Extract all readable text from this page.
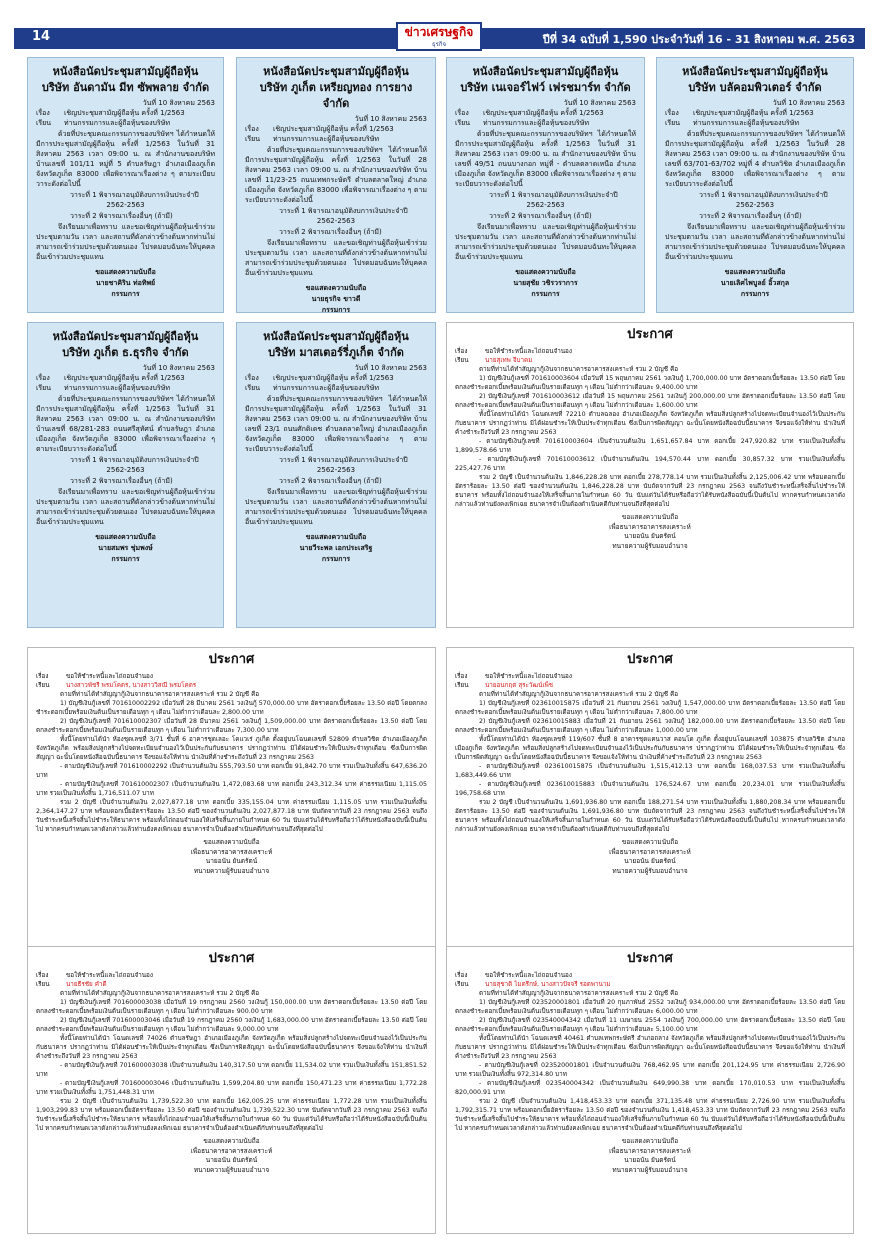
14	ปีที่ 34 ฉบับที่ 1,590 ประจำวันที่ 16 - 31 สิงหาคม พ.ศ. 2563
ข่าวเศรษฐกิจ
ธุรกิจ
หนังสือนัดประชุมสามัญผู้ถือหุ้น
บริษัท อันดามัน มีท ซัพพลาย จำกัด
วันที่ 10 สิงหาคม 2563
เรื่อง	เชิญประชุมสามัญผู้ถือหุ้น ครั้งที่ 1/2563
เรียน	ท่านกรรมการและผู้ถือหุ้นของบริษัท
ด้วยที่ประชุมคณะกรรมการของบริษัทฯ ได้กำหนดให้มีการประชุมสามัญผู้ถือหุ้น ครั้งที่ 1/2563 ในวันที่ 31 สิงหาคม 2563 เวลา 09:00 น. ณ สำนักงานของบริษัท บ้านเลขที่ 101/11 หมู่ที่ 5 ตำบลรัษฎา อำเภอเมืองภูเก็ต จังหวัดภูเก็ต 83000 เพื่อพิจารณาเรื่องต่าง ๆ ตามระเบียบ วาระดังต่อไปนี้
วาระที่ 1 พิจารณาอนุมัติงบการเงินประจำปี
2562-2563
วาระที่ 2 พิจารณาเรื่องอื่นๆ (ถ้ามี)
จึงเรียนมาเพื่อทราบ และขอเชิญท่านผู้ถือหุ้นเข้าร่วมประชุมตามวัน เวลา และสถานที่ดังกล่าวข้างต้นหากท่านไม่สามารถเข้าร่วมประชุมด้วยตนเอง โปรดมอบฉันทะให้บุคคลอื่นเข้าร่วมประชุมแทน
ขอแสดงความนับถือ
นายชาคิริน ท่อทิพย์
กรรมการ
หนังสือนัดประชุมสามัญผู้ถือหุ้น
บริษัท ภูเก็ต เหรียญทอง การยาง จำกัด
วันที่ 10 สิงหาคม 2563
เรื่อง	เชิญประชุมสามัญผู้ถือหุ้น ครั้งที่ 1/2563
เรียน	ท่านกรรมการและผู้ถือหุ้นของบริษัท
ด้วยที่ประชุมคณะกรรมการของบริษัทฯ ได้กำหนดให้มีการประชุมสามัญผู้ถือหุ้น ครั้งที่ 1/2563 ในวันที่ 28 สิงหาคม 2563 เวลา 09:00 น. ณ สำนักงานของบริษัท บ้านเลขที่ 11/23-25 ถนนเทพกระษัตรี ตำบลตลาดใหญ่ อำเภอเมืองภูเก็ต จังหวัดภูเก็ต 83000 เพื่อพิจารณาเรื่องต่าง ๆ ตามระเบียบวาระดังต่อไปนี้
วาระที่ 1 พิจารณาอนุมัติงบการเงินประจำปี
2562-2563
วาระที่ 2 พิจารณาเรื่องอื่นๆ (ถ้ามี)
จึงเรียนมาเพื่อทราบ และขอเชิญท่านผู้ถือหุ้นเข้าร่วมประชุมตามวัน เวลา และสถานที่ดังกล่าวข้างต้นหากท่านไม่สามารถเข้าร่วมประชุมด้วยตนเอง โปรดมอบฉันทะให้บุคคลอื่นเข้าร่วมประชุมแทน
ขอแสดงความนับถือ
นายธุรกิจ ขาวดี
กรรมการ
หนังสือนัดประชุมสามัญผู้ถือหุ้น
บริษัท เนเจอร์ไฟว์ เฟรชมาร์ท จำกัด
วันที่ 10 สิงหาคม 2563
เรื่อง	เชิญประชุมสามัญผู้ถือหุ้น ครั้งที่ 1/2563
เรียน	ท่านกรรมการและผู้ถือหุ้นของบริษัท
ด้วยที่ประชุมคณะกรรมการของบริษัทฯ ได้กำหนดให้มีการประชุมสามัญผู้ถือหุ้น ครั้งที่ 1/2563 ในวันที่ 31 สิงหาคม 2563 เวลา 09:00 น. ณ สำนักงานของบริษัท บ้านเลขที่ 49/51 ถนนบางกอก หมู่ที่ - ตำบลตลาดเหนือ อำเภอเมืองภูเก็ต จังหวัดภูเก็ต 83000 เพื่อพิจารณาเรื่องต่าง ๆ ตามระเบียบวาระดังต่อไปนี้
วาระที่ 1 พิจารณาอนุมัติงบการเงินประจำปี
2562-2563
วาระที่ 2 พิจารณาเรื่องอื่นๆ (ถ้ามี)
จึงเรียนมาเพื่อทราบ และขอเชิญท่านผู้ถือหุ้นเข้าร่วมประชุมตามวัน เวลา และสถานที่ดังกล่าวข้างต้นหากท่านไม่สามารถเข้าร่วมประชุมด้วยตนเอง โปรดมอบฉันทะให้บุคคลอื่นเข้าร่วมประชุมแทน
ขอแสดงความนับถือ
นายสุชัย วชิรวราการ
กรรมการ
หนังสือนัดประชุมสามัญผู้ถือหุ้น
บริษัท บลัคอมพิวเตอร์ จำกัด
วันที่ 10 สิงหาคม 2563
เรื่อง	เชิญประชุมสามัญผู้ถือหุ้น ครั้งที่ 1/2563
เรียน	ท่านกรรมการและผู้ถือหุ้นของบริษัท
ด้วยที่ประชุมคณะกรรมการของบริษัทฯ ได้กำหนดให้มีการประชุมสามัญผู้ถือหุ้น ครั้งที่ 1/2563 ในวันที่ 28 สิงหาคม 2563 เวลา 09:00 น. ณ สำนักงานของบริษัท บ้านเลขที่ 63/701-63/702 หมู่ที่ 4 ตำบลวิชิต อำเภอเมืองภูเก็ต จังหวัดภูเก็ต 83000 เพื่อพิจารณาเรื่องต่าง ๆ ตามระเบียบวาระดังต่อไปนี้
วาระที่ 1 พิจารณาอนุมัติงบการเงินประจำปี
2562-2563
วาระที่ 2 พิจารณาเรื่องอื่นๆ (ถ้ามี)
จึงเรียนมาเพื่อทราบ และขอเชิญท่านผู้ถือหุ้นเข้าร่วมประชุมตามวัน เวลา และสถานที่ดังกล่าวข้างต้นหากท่านไม่สามารถเข้าร่วมประชุมด้วยตนเอง โปรดมอบฉันทะให้บุคคลอื่นเข้าร่วมประชุมแทน
ขอแสดงความนับถือ
นายเลิศไพบูลย์ อิ้วสกุล
กรรมการ
หนังสือนัดประชุมสามัญผู้ถือหุ้น
บริษัท ภูเก็ต ธ.ธุรกิจ จำกัด
วันที่ 10 สิงหาคม 2563
เรื่อง	เชิญประชุมสามัญผู้ถือหุ้น ครั้งที่ 1/2563
เรียน	ท่านกรรมการและผู้ถือหุ้นของบริษัท
ด้วยที่ประชุมคณะกรรมการของบริษัทฯ ได้กำหนดให้มีการประชุมสามัญผู้ถือหุ้น ครั้งที่ 1/2563 ในวันที่ 31 สิงหาคม 2563 เวลา 09:00 น. ณ สำนักงานของบริษัท บ้านเลขที่ 68/281-283 ถนนศรีสุทัศน์ ตำบลรัษฎา อำเภอเมืองภูเก็ต จังหวัดภูเก็ต 83000 เพื่อพิจารณาเรื่องต่าง ๆ ตามระเบียบวาระดังต่อไปนี้
วาระที่ 1 พิจารณาอนุมัติงบการเงินประจำปี
2562-2563
วาระที่ 2 พิจารณาเรื่องอื่นๆ (ถ้ามี)
จึงเรียนมาเพื่อทราบ และขอเชิญท่านผู้ถือหุ้นเข้าร่วมประชุมตามวัน เวลา และสถานที่ดังกล่าวข้างต้นหากท่านไม่สามารถเข้าร่วมประชุมด้วยตนเอง โปรดมอบฉันทะให้บุคคลอื่นเข้าร่วมประชุมแทน
ขอแสดงความนับถือ
นายสมพร ชุ่มพงษ์
กรรมการ
หนังสือนัดประชุมสามัญผู้ถือหุ้น
บริษัท มาสเตอร์รี่ภูเก็ต จำกัด
วันที่ 10 สิงหาคม 2563
เรื่อง	เชิญประชุมสามัญผู้ถือหุ้น ครั้งที่ 1/2563
เรียน	ท่านกรรมการและผู้ถือหุ้นของบริษัท
ด้วยที่ประชุมคณะกรรมการของบริษัทฯ ได้กำหนดให้มีการประชุมสามัญผู้ถือหุ้น ครั้งที่ 1/2563 ในวันที่ 31 สิงหาคม 2563 เวลา 09:00 น. ณ สำนักงานของบริษัท บ้านเลขที่ 23/1 ถนนศักดิเดช ตำบลตลาดใหญ่ อำเภอเมืองภูเก็ต จังหวัดภูเก็ต 83000 เพื่อพิจารณาเรื่องต่าง ๆ ตามระเบียบวาระดังต่อไปนี้
วาระที่ 1 พิจารณาอนุมัติงบการเงินประจำปี
2562-2563
วาระที่ 2 พิจารณาเรื่องอื่นๆ (ถ้ามี)
จึงเรียนมาเพื่อทราบ และขอเชิญท่านผู้ถือหุ้นเข้าร่วมประชุมตามวัน เวลา และสถานที่ดังกล่าวข้างต้นหากท่านไม่สามารถเข้าร่วมประชุมด้วยตนเอง โปรดมอบฉันทะให้บุคคลอื่นเข้าร่วมประชุมแทน
ขอแสดงความนับถือ
นายวีระพล เอกประเสริฐ
กรรมการ
ประกาศ
เรื่อง	ขอให้ชำระหนี้และไถ่ถอนจำนอง
เรียน	นายสุเทพ จีบาคม
ตามที่ท่านได้ทำสัญญากู้เงินจากธนาคารอาคารสงเคราะห์ รวม 2 บัญชี คือ
1) บัญชีเงินกู้เลขที่ 701610003604 เมื่อวันที่ 15 พฤษภาคม 2561 วงเงินกู้ 1,700,000.00 บาท อัตราดอกเบี้ยร้อยละ 13.50 ต่อปี โดยตกลงชำระดอกเบี้ยพร้อมเงินต้นเป็นรายเดือนทุก ๆ เดือน ไม่ต่ำกว่าเดือนละ 9,400.00 บาท
2) บัญชีเงินกู้เลขที่ 701610003612 เมื่อวันที่ 15 พฤษภาคม 2561 วงเงินกู้ 200,000.00 บาท อัตราดอกเบี้ยร้อยละ 13.50 ต่อปี โดยตกลงชำระดอกเบี้ยพร้อมเงินต้นเป็นรายเดือนทุก ๆ เดือน ไม่ต่ำกว่าเดือนละ 1,600.00 บาท
ทั้งนี้โดยท่านได้นำ โฉนดเลขที่ 72210 ตำบลฉลอง อำเภอเมืองภูเก็ต จังหวัดภูเก็ต พร้อมสิ่งปลูกสร้างไปจดทะเบียนจำนองไว้เป็นประกันกับธนาคาร ปรากฏว่าท่าน มิได้ผ่อนชำระให้เป็นประจำทุกเดือน ซึ่งเป็นการผิดสัญญา ฉะนั้นโดยหนังสือฉบับนี้ธนาคาร จึงขอแจ้งให้ท่าน นำเงินที่ค้างชำระถึงวันที่ 23 กรกฎาคม 2563
- ตามบัญชีเงินกู้เลขที่ 701610003604 เป็นจำนวนต้นเงิน 1,651,657.84 บาท ดอกเบี้ย 247,920.82 บาท รวมเป็นเงินทั้งสิ้น 1,899,578.66 บาท
- ตามบัญชีเงินกู้เลขที่ 701610003612 เป็นจำนวนต้นเงิน 194,570.44 บาท ดอกเบี้ย 30,857.32 บาท รวมเป็นเงินทั้งสิ้น 225,427.76 บาท
รวม 2 บัญชี เป็นจำนวนต้นเงิน 1,846,228.28 บาท ดอกเบี้ย 278,778.14 บาท รวมเป็นเงินทั้งสิ้น 2,125,006.42 บาท พร้อมดอกเบี้ยอัตราร้อยละ 13.50 ต่อปี ของจำนวนต้นเงิน 1,846,228.28 บาท นับถัดจากวันที่ 23 กรกฎาคม 2563 จนถึงวันชำระหนี้เสร็จสิ้นไปชำระให้ธนาคาร พร้อมทั้งไถ่ถอนจำนองให้เสร็จสิ้นภายในกำหนด 60 วัน นับแต่วันได้รับหรือถือว่าได้รับหนังสือฉบับนี้เป็นต้นไป หากครบกำหนดเวลาดังกล่าวแล้วท่านยังคงเพิกเฉย ธนาคารจำเป็นต้องดำเนินคดีกับท่านจนถึงที่สุดต่อไป
ขอแสดงความนับถือ
เพื่อธนาคารอาคารสงเคราะห์
นายอนัน ยันตรัตน์
ทนายความผู้รับมอบอำนาจ
ประกาศ
เรื่อง	ขอให้ชำระหนี้และไถ่ถอนจำนอง
เรียน	นางสาวพัชรี พรมโคตร, นางสาววิสณี พรมโคตร
ตามที่ท่านได้ทำสัญญากู้เงินจากธนาคารอาคารสงเคราะห์ รวม 2 บัญชี คือ
1) บัญชีเงินกู้เลขที่ 701610002292 เมื่อวันที่ 28 มีนาคม 2561 วงเงินกู้ 570,000.00 บาท อัตราดอกเบี้ยร้อยละ 13.50 ต่อปี โดยตกลงชำระดอกเบี้ยพร้อมเงินต้นเป็นรายเดือนทุก ๆ เดือน ไม่ต่ำกว่าเดือนละ 2,800.00 บาท
2) บัญชีเงินกู้เลขที่ 701610002307 เมื่อวันที่ 28 มีนาคม 2561 วงเงินกู้ 1,509,000.00 บาท อัตราดอกเบี้ยร้อยละ 13.50 ต่อปี โดยตกลงชำระดอกเบี้ยพร้อมเงินต้นเป็นรายเดือนทุก ๆ เดือน ไม่ต่ำกว่าเดือนละ 7,300.00 บาท
ทั้งนี้โดยท่านได้นำ ห้องชุดเลขที่ 3/71 ชั้นที่ 6 อาคารชุดเลอะ โคแวเร่ ภูเก็ต ตั้งอยู่บนโฉนดเลขที่ 52809 ตำบลวิชิต อำเภอเมืองภูเก็ต จังหวัดภูเก็ต พร้อมสิ่งปลูกสร้างไปจดทะเบียนจำนองไว้เป็นประกันกับธนาคาร ปรากฏว่าท่าน มิได้ผ่อนชำระให้เป็นประจำทุกเดือน ซึ่งเป็นการผิดสัญญา ฉะนั้นโดยหนังสือฉบับนี้ธนาคาร จึงขอแจ้งให้ท่าน นำเงินที่ค้างชำระถึงวันที่ 23 กรกฎาคม 2563
- ตามบัญชีเงินกู้เลขที่ 701610002292 เป็นจำนวนต้นเงิน 555,793.50 บาท ดอกเบี้ย 91,842.70 บาท รวมเป็นเงินทั้งสิ้น 647,636.20 บาท
- ตามบัญชีเงินกู้เลขที่ 701610002307 เป็นจำนวนต้นเงิน 1,472,083.68 บาท ดอกเบี้ย 243,312.34 บาท ค่าธรรมเนียม 1,115.05 บาท รวมเป็นเงินทั้งสิ้น 1,716,511.07 บาท
รวม 2 บัญชี เป็นจำนวนต้นเงิน 2,027,877.18 บาท ดอกเบี้ย 335,155.04 บาท ค่าธรรมเนียม 1,115.05 บาท รวมเป็นเงินทั้งสิ้น 2,364,147.27 บาท พร้อมดอกเบี้ยอัตราร้อยละ 13.50 ต่อปี ของจำนวนต้นเงิน 2,027,877.18 บาท นับถัดจากวันที่ 23 กรกฎาคม 2563 จนถึงวันชำระหนี้เสร็จสิ้นไปชำระให้ธนาคาร พร้อมทั้งไถ่ถอนจำนองให้เสร็จสิ้นภายในกำหนด 60 วัน นับแต่วันได้รับหรือถือว่าได้รับหนังสือฉบับนี้เป็นต้นไป หากครบกำหนดเวลาดังกล่าวแล้วท่านยังคงเพิกเฉย ธนาคารจำเป็นต้องดำเนินคดีกับท่านจนถึงที่สุดต่อไป
ขอแสดงความนับถือ
เพื่อธนาคารอาคารสงเคราะห์
นายอนัน ยันตรัตน์
ทนายความผู้รับมอบอำนาจ
ประกาศ
เรื่อง	ขอให้ชำระหนี้และไถ่ถอนจำนอง
เรียน	นายอนกฤต สุระวัฒน์เพ็ช
ตามที่ท่านได้ทำสัญญากู้เงินจากธนาคารอาคารสงเคราะห์ รวม 2 บัญชี คือ
1) บัญชีเงินกู้เลขที่ 023610015875 เมื่อวันที่ 21 กันยายน 2561 วงเงินกู้ 1,547,000.00 บาท อัตราดอกเบี้ยร้อยละ 13.50 ต่อปี โดยตกลงชำระดอกเบี้ยพร้อมเงินต้นเป็นรายเดือนทุก ๆ เดือน ไม่ต่ำกว่าเดือนละ 7,800.00 บาท
2) บัญชีเงินกู้เลขที่ 023610015883 เมื่อวันที่ 21 กันยายน 2561 วงเงินกู้ 182,000.00 บาท อัตราดอกเบี้ยร้อยละ 13.50 ต่อปี โดยตกลงชำระดอกเบี้ยพร้อมเงินต้นเป็นรายเดือนทุก ๆ เดือน ไม่ต่ำกว่าเดือนละ 1,000.00 บาท
ทั้งนี้โดยท่านได้นำ ห้องชุดเลขที่ 119/607 ชั้นที่ 8 อาคารชุดแคนวาส คอนโด ภูเก็ต ตั้งอยู่บนโฉนดเลขที่ 103875 ตำบลวิชิต อำเภอเมืองภูเก็ต จังหวัดภูเก็ต พร้อมสิ่งปลูกสร้างไปจดทะเบียนจำนองไว้เป็นประกันกับธนาคาร ปรากฏว่าท่าน มิได้ผ่อนชำระให้เป็นประจำทุกเดือน ซึ่งเป็นการผิดสัญญา ฉะนั้นโดยหนังสือฉบับนี้ธนาคาร จึงขอแจ้งให้ท่าน นำเงินที่ค้างชำระถึงวันที่ 23 กรกฎาคม 2563
- ตามบัญชีเงินกู้เลขที่ 023610015875 เป็นจำนวนต้นเงิน 1,515,412.13 บาท ดอกเบี้ย 168,037.53 บาท รวมเป็นเงินทั้งสิ้น 1,683,449.66 บาท
- ตามบัญชีเงินกู้เลขที่ 023610015883 เป็นจำนวนต้นเงิน 176,524.67 บาท ดอกเบี้ย 20,234.01 บาท รวมเป็นเงินทั้งสิ้น 196,758.68 บาท
รวม 2 บัญชี เป็นจำนวนต้นเงิน 1,691,936.80 บาท ดอกเบี้ย 188,271.54 บาท รวมเป็นเงินทั้งสิ้น 1,880,208.34 บาท พร้อมดอกเบี้ยอัตราร้อยละ 13.50 ต่อปี ของจำนวนต้นเงิน 1,691,936.80 บาท นับถัดจากวันที่ 23 กรกฎาคม 2563 จนถึงวันชำระหนี้เสร็จสิ้นไปชำระให้ธนาคาร พร้อมทั้งไถ่ถอนจำนองให้เสร็จสิ้นภายในกำหนด 60 วัน นับแต่วันได้รับหรือถือว่าได้รับหนังสือฉบับนี้เป็นต้นไป หากครบกำหนดเวลาดังกล่าวแล้วท่านยังคงเพิกเฉย ธนาคารจำเป็นต้องดำเนินคดีกับท่านจนถึงที่สุดต่อไป
ขอแสดงความนับถือ
เพื่อธนาคารอาคารสงเคราะห์
นายอนัน ยันตรัตน์
ทนายความผู้รับมอบอำนาจ
ประกาศ
เรื่อง	ขอให้ชำระหนี้และไถ่ถอนจำนอง
เรียน	นายธีรชัย คำดี
ตามที่ท่านได้ทำสัญญากู้เงินจากธนาคารอาคารสงเคราะห์ รวม 2 บัญชี คือ
1) บัญชีเงินกู้เลขที่ 701600003038 เมื่อวันที่ 19 กรกฎาคม 2560 วงเงินกู้ 150,000.00 บาท อัตราดอกเบี้ยร้อยละ 13.50 ต่อปี โดยตกลงชำระดอกเบี้ยพร้อมเงินต้นเป็นรายเดือนทุก ๆ เดือน ไม่ต่ำกว่าเดือนละ 900.00 บาท
2) บัญชีเงินกู้เลขที่ 701600003046 เมื่อวันที่ 19 กรกฎาคม 2560 วงเงินกู้ 1,683,000.00 บาท อัตราดอกเบี้ยร้อยละ 13.50 ต่อปี โดยตกลงชำระดอกเบี้ยพร้อมเงินต้นเป็นรายเดือนทุก ๆ เดือน ไม่ต่ำกว่าเดือนละ 9,000.00 บาท
ทั้งนี้โดยท่านได้นำ โฉนดเลขที่ 74026 ตำบลรัษฎา อำเภอเมืองภูเก็ต จังหวัดภูเก็ต พร้อมสิ่งปลูกสร้างไปจดทะเบียนจำนองไว้เป็นประกันกับธนาคาร ปรากฏว่าท่าน มิได้ผ่อนชำระให้เป็นประจำทุกเดือน ซึ่งเป็นการผิดสัญญา ฉะนั้นโดยหนังสือฉบับนี้ธนาคาร จึงขอแจ้งให้ท่าน นำเงินที่ค้างชำระถึงวันที่ 23 กรกฎาคม 2563
- ตามบัญชีเงินกู้เลขที่ 701600003038 เป็นจำนวนต้นเงิน 140,317.50 บาท ดอกเบี้ย 11,534.02 บาท รวมเป็นเงินทั้งสิ้น 151,851.52 บาท
- ตามบัญชีเงินกู้เลขที่ 701600003046 เป็นจำนวนต้นเงิน 1,599,204.80 บาท ดอกเบี้ย 150,471.23 บาท ค่าธรรมเนียม 1,772.28 บาท รวมเป็นเงินทั้งสิ้น 1,751,448.31 บาท
รวม 2 บัญชี เป็นจำนวนต้นเงิน 1,739,522.30 บาท ดอกเบี้ย 162,005.25 บาท ค่าธรรมเนียม 1,772.28 บาท รวมเป็นเงินทั้งสิ้น 1,903,299.83 บาท พร้อมดอกเบี้ยอัตราร้อยละ 13.50 ต่อปี ของจำนวนต้นเงิน 1,739,522.30 บาท นับถัดจากวันที่ 23 กรกฎาคม 2563 จนถึงวันชำระหนี้เสร็จสิ้นไปชำระให้ธนาคาร พร้อมทั้งไถ่ถอนจำนองให้เสร็จสิ้นภายในกำหนด 60 วัน นับแต่วันได้รับหรือถือว่าได้รับหนังสือฉบับนี้เป็นต้นไป หากครบกำหนดเวลาดังกล่าวแล้วท่านยังคงเพิกเฉย ธนาคารจำเป็นต้องดำเนินคดีกับท่านจนถึงที่สุดต่อไป
ขอแสดงความนับถือ
เพื่อธนาคารอาคารสงเคราะห์
นายอนัน ยันตรัตน์
ทนายความผู้รับมอบอำนาจ
ประกาศ
เรื่อง	ขอให้ชำระหนี้และไถ่ถอนจำนอง
เรียน	นายสุชาติ ไมตรีกษ์, นางสาวปัจจรี รอดพานาม
ตามที่ท่านได้ทำสัญญากู้เงินจากธนาคารอาคารสงเคราะห์ รวม 2 บัญชี คือ
1) บัญชีเงินกู้เลขที่ 023520001801 เมื่อวันที่ 20 กุมภาพันธ์ 2552 วงเงินกู้ 934,000.00 บาท อัตราดอกเบี้ยร้อยละ 13.50 ต่อปี โดยตกลงชำระดอกเบี้ยพร้อมเงินต้นเป็นรายเดือนทุก ๆ เดือน ไม่ต่ำกว่าเดือนละ 6,000.00 บาท
2) บัญชีเงินกู้เลขที่ 023540004342 เมื่อวันที่ 11 เมษายน 2554 วงเงินกู้ 700,000.00 บาท อัตราดอกเบี้ยร้อยละ 13.50 ต่อปี โดยตกลงชำระดอกเบี้ยพร้อมเงินต้นเป็นรายเดือนทุก ๆ เดือน ไม่ต่ำกว่าเดือนละ 5,100.00 บาท
ทั้งนี้โดยท่านได้นำ โฉนดเลขที่ 40461 ตำบลเทพกระษัตรี อำเภอถลาง จังหวัดภูเก็ต พร้อมสิ่งปลูกสร้างไปจดทะเบียนจำนองไว้เป็นประกันกับธนาคาร ปรากฏว่าท่าน มิได้ผ่อนชำระให้เป็นประจำทุกเดือน ซึ่งเป็นการผิดสัญญา ฉะนั้นโดยหนังสือฉบับนี้ธนาคาร จึงขอแจ้งให้ท่าน นำเงินที่ค้างชำระถึงวันที่ 23 กรกฎาคม 2563
- ตามบัญชีเงินกู้เลขที่ 023520001801 เป็นจำนวนต้นเงิน 768,462.95 บาท ดอกเบี้ย 201,124.95 บาท ค่าธรรมเนียม 2,726.90 บาท รวมเป็นเงินทั้งสิ้น 972,314.80 บาท
- ตามบัญชีเงินกู้เลขที่ 023540004342 เป็นจำนวนต้นเงิน 649,990.38 บาท ดอกเบี้ย 170,010.53 บาท รวมเป็นเงินทั้งสิ้น 820,000.91 บาท
รวม 2 บัญชี เป็นจำนวนต้นเงิน 1,418,453.33 บาท ดอกเบี้ย 371,135.48 บาท ค่าธรรมเนียม 2,726.90 บาท รวมเป็นเงินทั้งสิ้น 1,792,315.71 บาท พร้อมดอกเบี้ยอัตราร้อยละ 13.50 ต่อปี ของจำนวนต้นเงิน 1,418,453.33 บาท นับถัดจากวันที่ 23 กรกฎาคม 2563 จนถึงวันชำระหนี้เสร็จสิ้นไปชำระให้ธนาคาร พร้อมทั้งไถ่ถอนจำนองให้เสร็จสิ้นภายในกำหนด 60 วัน นับแต่วันได้รับหรือถือว่าได้รับหนังสือฉบับนี้เป็นต้นไป หากครบกำหนดเวลาดังกล่าวแล้วท่านยังคงเพิกเฉย ธนาคารจำเป็นต้องดำเนินคดีกับท่านจนถึงที่สุดต่อไป
ขอแสดงความนับถือ
เพื่อธนาคารอาคารสงเคราะห์
นายอนัน ยันตรัตน์
ทนายความผู้รับมอบอำนาจ
